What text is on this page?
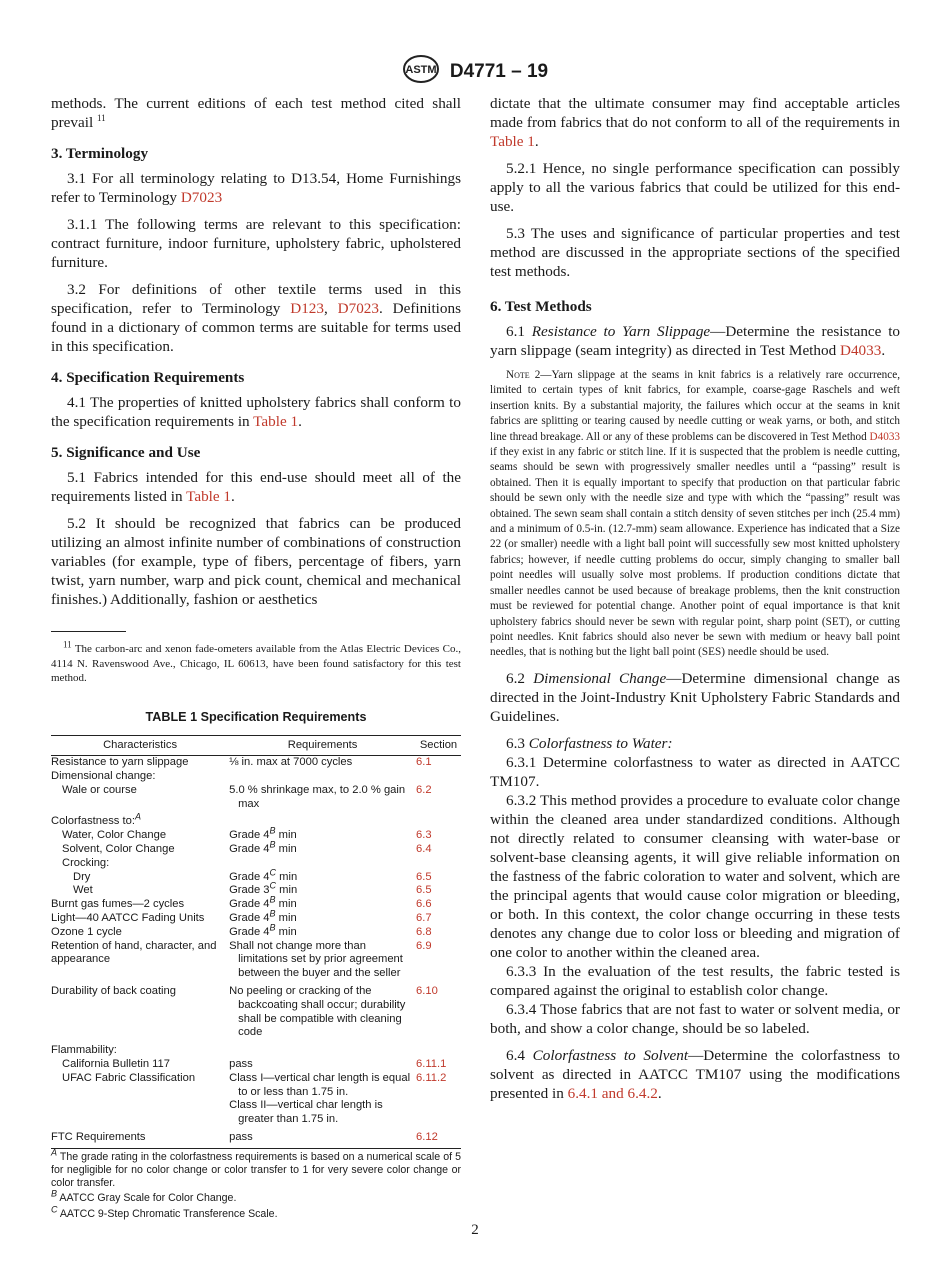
ASTM D4771 – 19

methods. The current editions of each test method cited shall prevail $^{11}$

3. Terminology

3.1 For all terminology relating to D13.54, Home Furnishings refer to Terminology D7023

3.1.1 The following terms are relevant to this specification: contract furniture, indoor furniture, upholstery fabric, upholstered furniture.

3.2 For definitions of other textile terms used in this specification, refer to Terminology D123, D7023. Definitions found in a dictionary of common terms are suitable for terms used in this specification.

4. Specification Requirements

4.1 The properties of knitted upholstery fabrics shall conform to the specification requirements in Table 1.

5. Significance and Use

5.1 Fabrics intended for this end-use should meet all of the requirements listed in Table 1.

5.2 It should be recognized that fabrics can be produced utilizing an almost infinite number of combinations of construction variables (for example, type of fibers, percentage of fibers, yarn twist, yarn number, warp and pick count, chemical and mechanical finishes.) Additionally, fashion or aesthetics

$^{11}$ The carbon-arc and xenon fade-ometers available from the Atlas Electric Devices Co., 4114 N. Ravenswood Ave., Chicago, IL 60613, have been found satisfactory for this test method.

TABLE 1 Specification Requirements
Characteristics	Requirements	Section
Resistance to yarn slippage	⅛ in. max at 7000 cycles	6.1
Dimensional change:		
Wale or course	5.0 % shrinkage max, to 2.0 % gain max	6.2
Colorfastness to:$^A$		
Water, Color Change	Grade $4^B$ min	6.3
Solvent, Color Change	Grade $4^B$ min	6.4
Crocking:		
Dry	Grade $4^C$ min	6.5
Wet	Grade $3^C$ min	6.5
Burnt gas fumes—2 cycles	Grade $4^B$ min	6.6
Light—40 AATCC Fading Units	Grade $4^B$ min	6.7
Ozone 1 cycle	Grade $4^B$ min	6.8
Retention of hand, character, and appearance	Shall not change more than limitations set by prior agreement between the buyer and the seller	6.9
Durability of back coating	No peeling or cracking of the backcoating shall occur; durability shall be compatible with cleaning code	6.10
Flammability:		
California Bulletin 117	pass	6.11.1
UFAC Fabric Classification	Class I—vertical char length is equal to or less than 1.75 in.	6.11.2
	Class II—vertical char length is greater than 1.75 in.	
FTC Requirements	pass	6.12

$^A$ The grade rating in the colorfastness requirements is based on a numerical scale of 5 for negligible for no color change or color transfer to 1 for very severe color change or color transfer.

$^B$ AATCC Gray Scale for Color Change.

$^C$ AATCC 9-Step Chromatic Transference Scale.

dictate that the ultimate consumer may find acceptable articles made from fabrics that do not conform to all of the requirements in Table 1.

5.2.1 Hence, no single performance specification can possibly apply to all the various fabrics that could be utilized for this end-use.

5.3 The uses and significance of particular properties and test method are discussed in the appropriate sections of the specified test methods.

6. Test Methods

6.1 Resistance to Yarn Slippage—Determine the resistance to yarn slippage (seam integrity) as directed in Test Method D4033.

Note 2—Yarn slippage at the seams in knit fabrics is a relatively rare occurrence, limited to certain types of knit fabrics, for example, coarse-gage Raschels and weft insertion knits. By a substantial majority, the failures which occur at the seams in knit fabrics are splitting or tearing caused by needle cutting or weak yarns, or both, and stitch line thread breakage. All or any of these problems can be discovered in Test Method D4033 if they exist in any fabric or stitch line. If it is suspected that the problem is needle cutting, seams should be sewn with progressively smaller needles until a “passing” result is obtained. Then it is equally important to specify that production on that particular fabric should be sewn only with the needle size and type with which the “passing” result was obtained. The sewn seam shall contain a stitch density of seven stitches per inch (25.4 mm) and a minimum of 0.5-in. (12.7-mm) seam allowance. Experience has indicated that a Size 22 (or smaller) needle with a light ball point will successfully sew most knitted upholstery fabrics; however, if needle cutting problems do occur, simply changing to smaller ball point needles will usually solve most problems. If production conditions dictate that smaller needles cannot be used because of breakage problems, then the knit construction must be reviewed for potential change. Another point of equal importance is that knit upholstery fabrics should never be sewn with regular point, sharp point (SET), or cutting point needles. Knit fabrics should also never be sewn with medium or heavy ball point needles, that is nothing but the light ball point (SES) needle should be used.

6.2 Dimensional Change—Determine dimensional change as directed in the Joint-Industry Knit Upholstery Fabric Standards and Guidelines.

6.3 Colorfastness to Water:

6.3.1 Determine colorfastness to water as directed in AATCC TM107.

6.3.2 This method provides a procedure to evaluate color change within the cleaned area under standardized conditions. Although not directly related to consumer cleansing with water-base or solvent-base cleansing agents, it will give reliable information on the fastness of the fabric coloration to water and solvent, which are the principal agents that would cause color migration or bleeding, or both. In this context, the color change occurring in these tests denotes any change due to color loss or bleeding and migration of one color to another within the cleaned area.

6.3.3 In the evaluation of the test results, the fabric tested is compared against the original to establish color change.

6.3.4 Those fabrics that are not fast to water or solvent media, or both, and show a color change, should be so labeled.

6.4 Colorfastness to Solvent—Determine the colorfastness to solvent as directed in AATCC TM107 using the modifications presented in 6.4.1 and 6.4.2.

2
